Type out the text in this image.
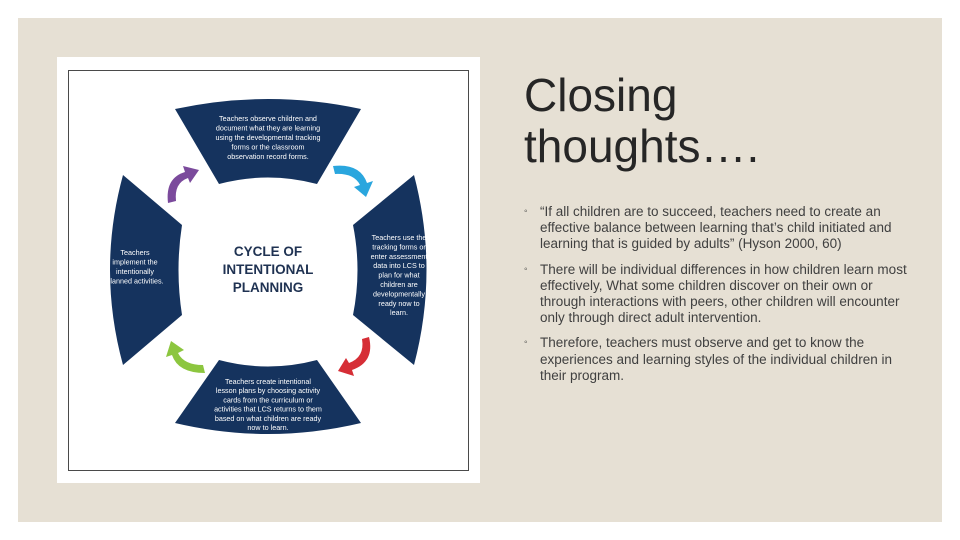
Teachers observe children and document what they are learning using the developmental tracking forms or the classroom observation record forms.
Teachers use the tracking forms or enter assessment data into LCS to plan for what children are developmentally ready now to learn.
Teachers create intentional lesson plans by choosing activity cards from the curriculum or activities that LCS returns to them based on what children are ready now to learn.
Teachers implement the intentionally planned activities.
CYCLE OF INTENTIONAL PLANNING
Closing
thoughts….
◦ “If all children are to succeed, teachers need to create an effective balance between learning that’s child initiated and learning that is guided by adults” (Hyson 2000, 60)
◦ There will be individual differences in how children learn most effectively, What some children discover on their own or through interactions with peers, other children will encounter only through direct adult intervention.
◦ Therefore, teachers must observe and get to know the experiences and learning styles of the individual children in their program.
